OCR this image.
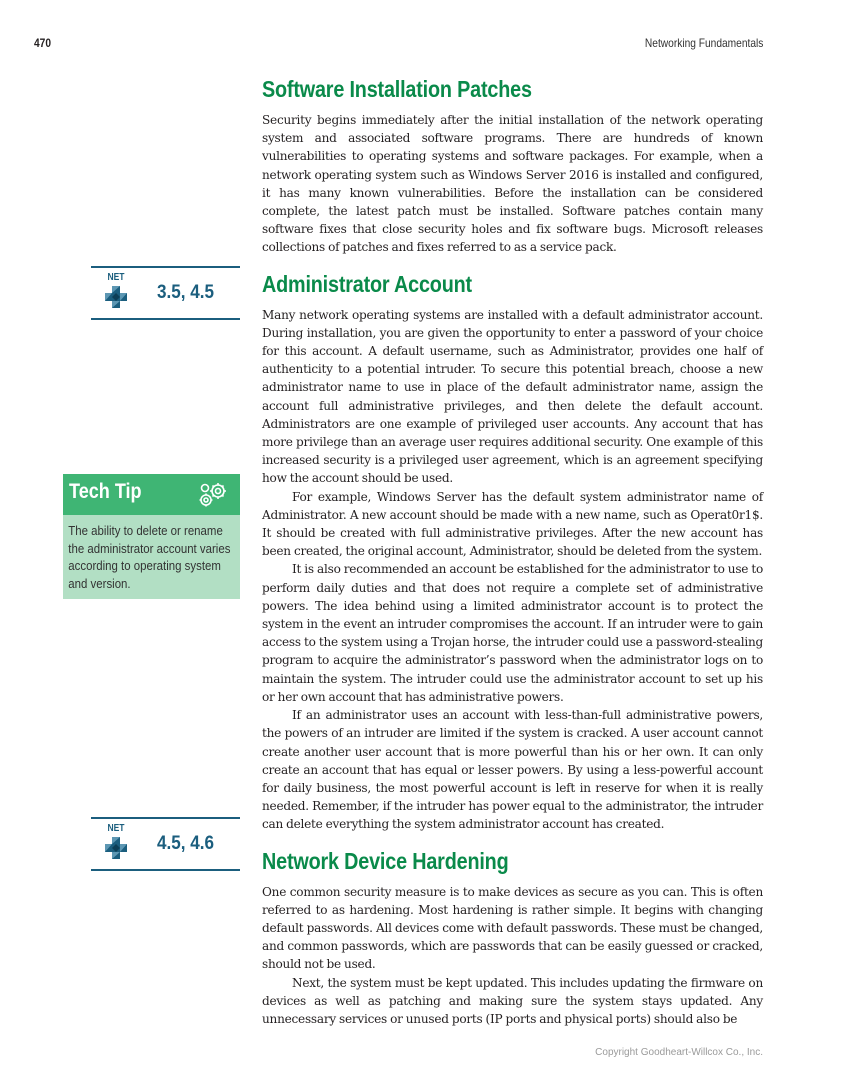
470	Networking Fundamentals
NET
3.5, 4.5
Tech Tip
The ability to delete or rename the administrator account varies according to operating system and version.
NET
4.5, 4.6
Software Installation Patches

Security begins immediately after the initial installation of the network operating system and associated software programs. There are hundreds of known vulnerabilities to operating systems and software packages. For example, when a network operating system such as Windows Server 2016 is installed and configured, it has many known vulnerabilities. Before the installation can be considered complete, the latest patch must be installed. Software patches contain many software fixes that close security holes and fix software bugs. Microsoft releases collections of patches and fixes referred to as a service pack.

Administrator Account

Many network operating systems are installed with a default administrator account. During installation, you are given the opportunity to enter a password of your choice for this account. A default username, such as Administrator, provides one half of authenticity to a potential intruder. To secure this potential breach, choose a new administrator name to use in place of the default administrator name, assign the account full administrative privileges, and then delete the default account. Administrators are one example of privileged user accounts. Any account that has more privilege than an average user requires additional security. One example of this increased security is a privileged user agreement, which is an agreement specifying how the account should be used.

For example, Windows Server has the default system administrator name of Administrator. A new account should be made with a new name, such as Operat0r1$. It should be created with full administrative privileges. After the new account has been created, the original account, Administrator, should be deleted from the system.

It is also recommended an account be established for the administrator to use to perform daily duties and that does not require a complete set of administrative powers. The idea behind using a limited administrator account is to protect the system in the event an intruder compromises the account. If an intruder were to gain access to the system using a Trojan horse, the intruder could use a password-stealing program to acquire the administrator’s password when the administrator logs on to maintain the system. The intruder could use the administrator account to set up his or her own account that has administrative powers.

If an administrator uses an account with less-than-full administrative powers, the powers of an intruder are limited if the system is cracked. A user account cannot create another user account that is more powerful than his or her own. It can only create an account that has equal or lesser powers. By using a less-powerful account for daily business, the most powerful account is left in reserve for when it is really needed. Remember, if the intruder has power equal to the administrator, the intruder can delete everything the system administrator account has created.

Network Device Hardening

One common security measure is to make devices as secure as you can. This is often referred to as hardening. Most hardening is rather simple. It begins with changing default passwords. All devices come with default passwords. These must be changed, and common passwords, which are passwords that can be easily guessed or cracked, should not be used.

Next, the system must be kept updated. This includes updating the firmware on devices as well as patching and making sure the system stays updated. Any unnecessary services or unused ports (IP ports and physical ports) should also be

Copyright Goodheart-Willcox Co., Inc.
